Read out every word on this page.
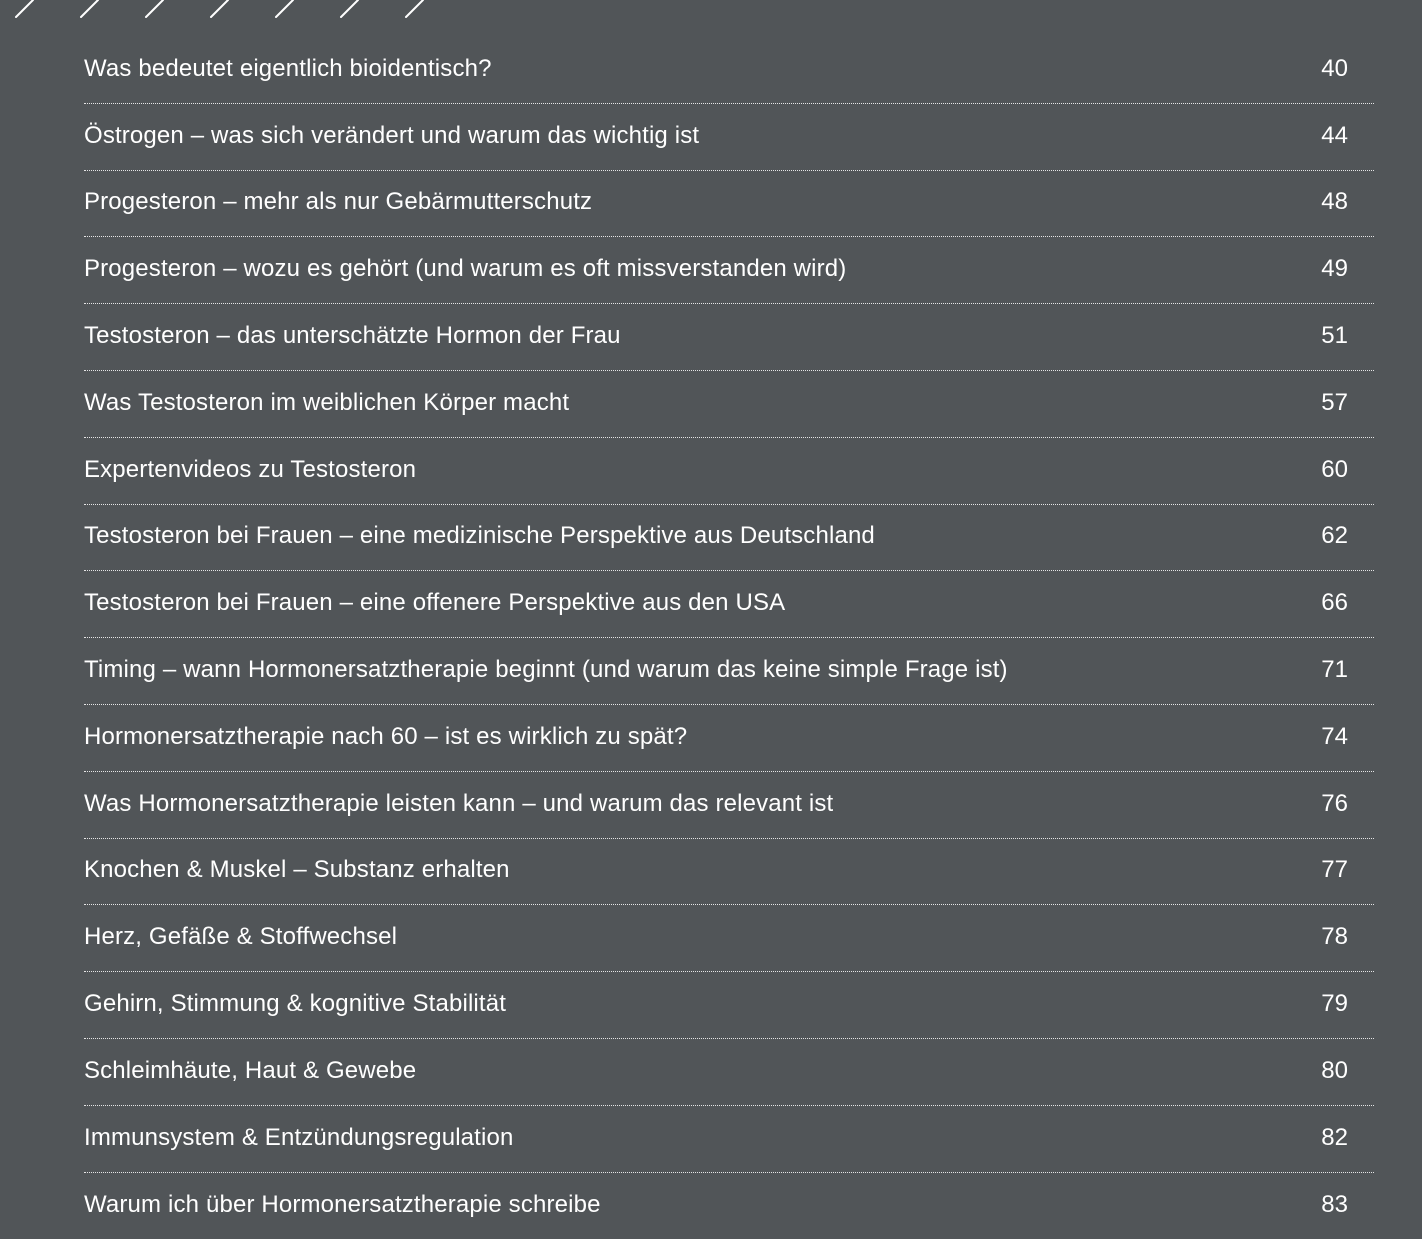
Was bedeutet eigentlich bioidentisch?	40
Östrogen – was sich verändert und warum das wichtig ist	44
Progesteron – mehr als nur Gebärmutterschutz	48
Progesteron – wozu es gehört (und warum es oft missverstanden wird)	49
Testosteron – das unterschätzte Hormon der Frau	51
Was Testosteron im weiblichen Körper macht	57
Expertenvideos zu Testosteron	60
Testosteron bei Frauen – eine medizinische Perspektive aus Deutschland	62
Testosteron bei Frauen – eine offenere Perspektive aus den USA	66
Timing – wann Hormonersatztherapie beginnt (und warum das keine simple Frage ist)	71
Hormonersatztherapie nach 60 – ist es wirklich zu spät?	74
Was Hormonersatztherapie leisten kann – und warum das relevant ist	76
Knochen & Muskel – Substanz erhalten	77
Herz, Gefäße & Stoffwechsel	78
Gehirn, Stimmung & kognitive Stabilität	79
Schleimhäute, Haut & Gewebe	80
Immunsystem & Entzündungsregulation	82
Warum ich über Hormonersatztherapie schreibe	83
